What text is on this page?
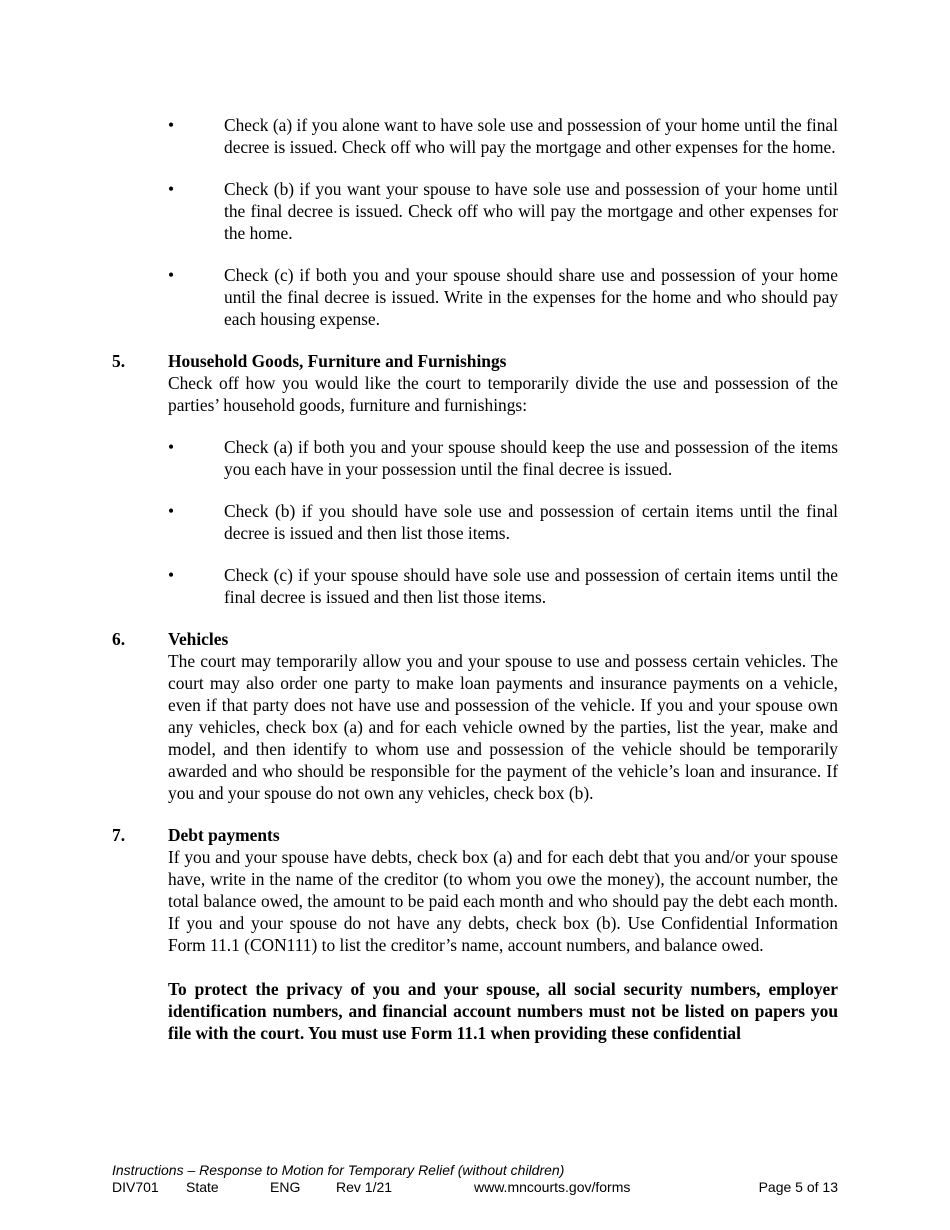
•	Check (a) if you alone want to have sole use and possession of your home until the final decree is issued. Check off who will pay the mortgage and other expenses for the home.
•	Check (b) if you want your spouse to have sole use and possession of your home until the final decree is issued. Check off who will pay the mortgage and other expenses for the home.
•	Check (c) if both you and your spouse should share use and possession of your home until the final decree is issued. Write in the expenses for the home and who should pay each housing expense.
5. Household Goods, Furniture and Furnishings
Check off how you would like the court to temporarily divide the use and possession of the parties’ household goods, furniture and furnishings:
•	Check (a) if both you and your spouse should keep the use and possession of the items you each have in your possession until the final decree is issued.
•	Check (b) if you should have sole use and possession of certain items until the final decree is issued and then list those items.
•	Check (c) if your spouse should have sole use and possession of certain items until the final decree is issued and then list those items.
6. Vehicles
The court may temporarily allow you and your spouse to use and possess certain vehicles. The court may also order one party to make loan payments and insurance payments on a vehicle, even if that party does not have use and possession of the vehicle. If you and your spouse own any vehicles, check box (a) and for each vehicle owned by the parties, list the year, make and model, and then identify to whom use and possession of the vehicle should be temporarily awarded and who should be responsible for the payment of the vehicle’s loan and insurance. If you and your spouse do not own any vehicles, check box (b).
7. Debt payments
If you and your spouse have debts, check box (a) and for each debt that you and/or your spouse have, write in the name of the creditor (to whom you owe the money), the account number, the total balance owed, the amount to be paid each month and who should pay the debt each month. If you and your spouse do not have any debts, check box (b). Use Confidential Information Form 11.1 (CON111) to list the creditor’s name, account numbers, and balance owed.
To protect the privacy of you and your spouse, all social security numbers, employer identification numbers, and financial account numbers must not be listed on papers you file with the court. You must use Form 11.1 when providing these confidential
Instructions – Response to Motion for Temporary Relief (without children)
DIV701 State	ENG	Rev 1/21	www.mncourts.gov/forms	Page 5 of 13
